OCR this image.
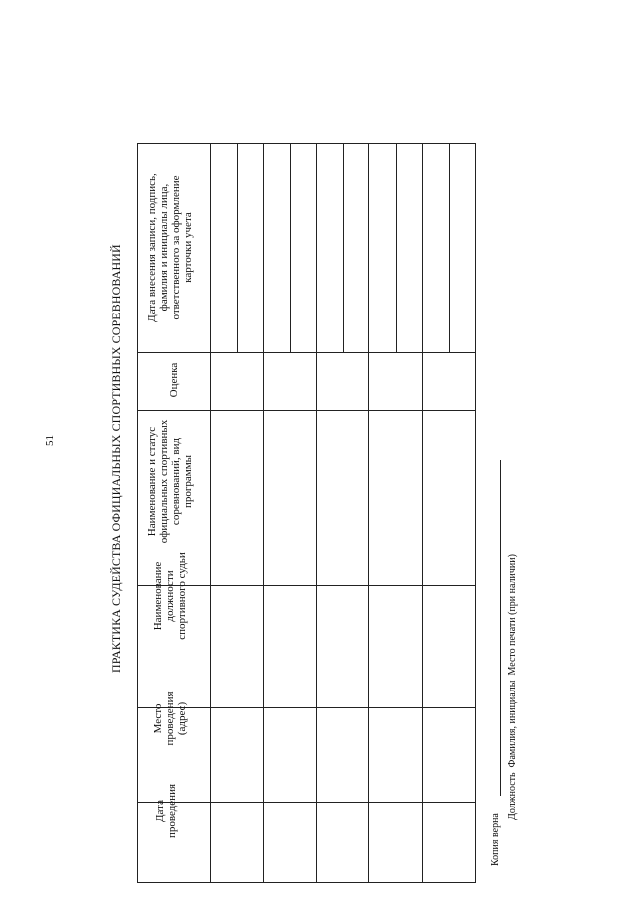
51	ПРАКТИКА СУДЕЙСТВА ОФИЦИАЛЬНЫХ СПОРТИВНЫХ СОРЕВНОВАНИЙ
Дата проведения
Место проведения (адрес)
Наименование должности спортивного судьи
Наименование и статус официальных спортивных соревнований, вид программы
Оценка
Дата внесения записи, подпись, фамилия и инициалы лица, ответственного за оформление карточки учета
Копия верна
Должность  Фамилия, инициалы  Место печати (при наличии)
